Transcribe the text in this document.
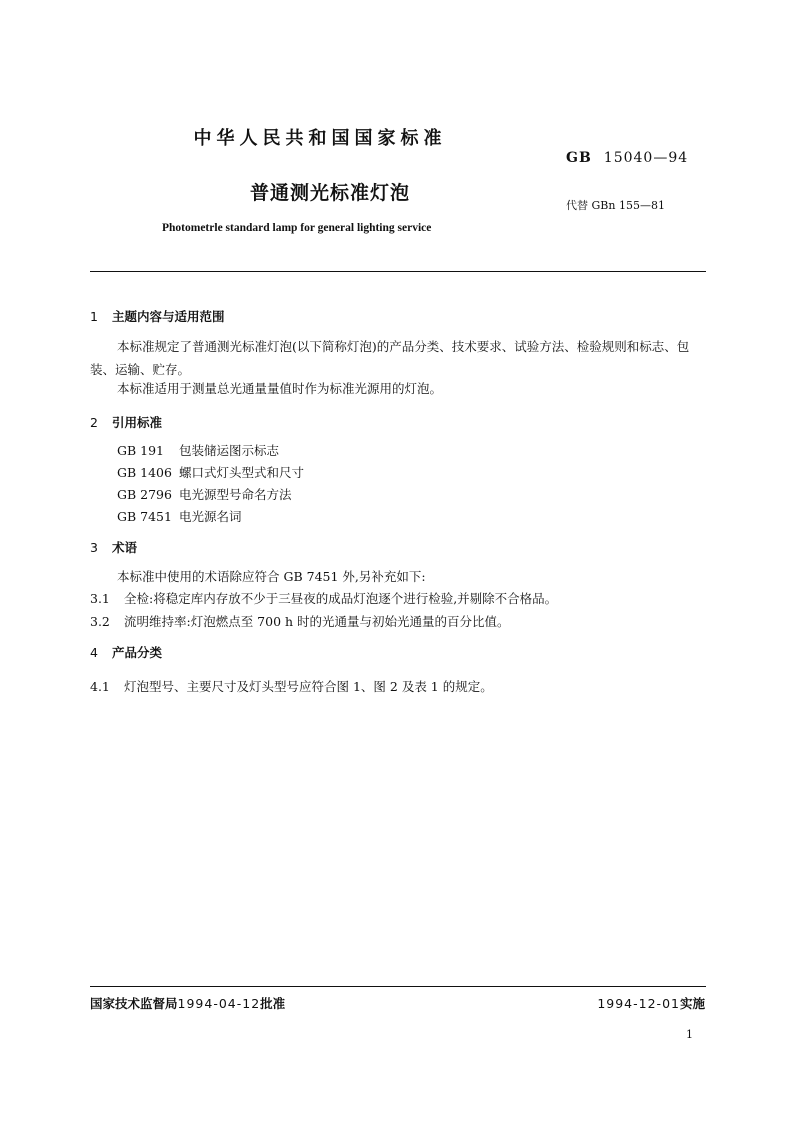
中华人民共和国国家标准
GB 15040—94
普通测光标准灯泡
代替 GBn 155—81
Photometrle standard lamp for general lighting service
1 主题内容与适用范围
本标准规定了普通测光标准灯泡(以下简称灯泡)的产品分类、技术要求、试验方法、检验规则和标志、包装、运输、贮存。
本标准适用于测量总光通量量值时作为标准光源用的灯泡。
2 引用标准
GB 191 包装储运图示标志
GB 1406 螺口式灯头型式和尺寸
GB 2796 电光源型号命名方法
GB 7451 电光源名词
3 术语
本标准中使用的术语除应符合 GB 7451 外,另补充如下:
3.1 全检:将稳定库内存放不少于三昼夜的成品灯泡逐个进行检验,并剔除不合格品。
3.2 流明维持率:灯泡燃点至 700 h 时的光通量与初始光通量的百分比值。
4 产品分类
4.1 灯泡型号、主要尺寸及灯头型号应符合图 1、图 2 及表 1 的规定。
国家技术监督局1994-04-12批准	1994-12-01实施
1
